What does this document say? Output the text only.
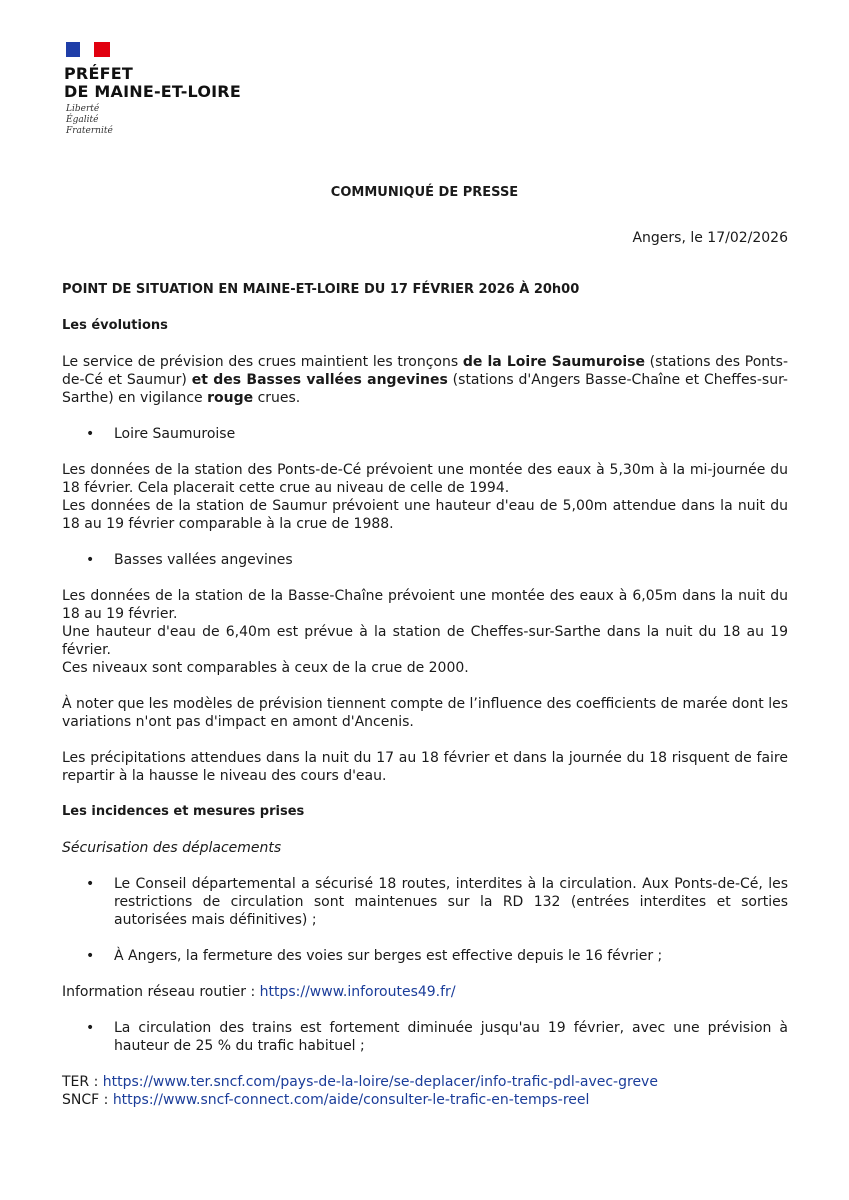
PRÉFET
DE MAINE-ET-LOIRE
Liberté
Égalité
Fraternité
COMMUNIQUÉ DE PRESSE
Angers, le 17/02/2026

POINT DE SITUATION EN MAINE-ET-LOIRE DU 17 FÉVRIER 2026 À 20h00

Les évolutions

Le service de prévision des crues maintient les tronçons de la Loire Saumuroise (stations des Ponts-de-Cé et Saumur) et des Basses vallées angevines (stations d'Angers Basse-Chaîne et Cheffes-sur-Sarthe) en vigilance rouge crues.

• Loire Saumuroise

Les données de la station des Ponts-de-Cé prévoient une montée des eaux à 5,30m à la mi-journée du 18 février. Cela placerait cette crue au niveau de celle de 1994.

Les données de la station de Saumur prévoient une hauteur d'eau de 5,00m attendue dans la nuit du 18 au 19 février comparable à la crue de 1988.

• Basses vallées angevines

Les données de la station de la Basse-Chaîne prévoient une montée des eaux à 6,05m dans la nuit du 18 au 19 février.

Une hauteur d'eau de 6,40m est prévue à la station de Cheffes-sur-Sarthe dans la nuit du 18 au 19 février.

Ces niveaux sont comparables à ceux de la crue de 2000.

À noter que les modèles de prévision tiennent compte de l’influence des coefficients de marée dont les variations n'ont pas d'impact en amont d'Ancenis.

Les précipitations attendues dans la nuit du 17 au 18 février et dans la journée du 18 risquent de faire repartir à la hausse le niveau des cours d'eau.

Les incidences et mesures prises

Sécurisation des déplacements

• Le Conseil départemental a sécurisé 18 routes, interdites à la circulation. Aux Ponts-de-Cé, les restrictions de circulation sont maintenues sur la RD 132 (entrées interdites et sorties autorisées mais définitives) ;

• À Angers, la fermeture des voies sur berges est effective depuis le 16 février ;

Information réseau routier : https://www.inforoutes49.fr/

• La circulation des trains est fortement diminuée jusqu'au 19 février, avec une prévision à hauteur de 25 % du trafic habituel ;

TER : https://www.ter.sncf.com/pays-de-la-loire/se-deplacer/info-trafic-pdl-avec-greve

SNCF : https://www.sncf-connect.com/aide/consulter-le-trafic-en-temps-reel
